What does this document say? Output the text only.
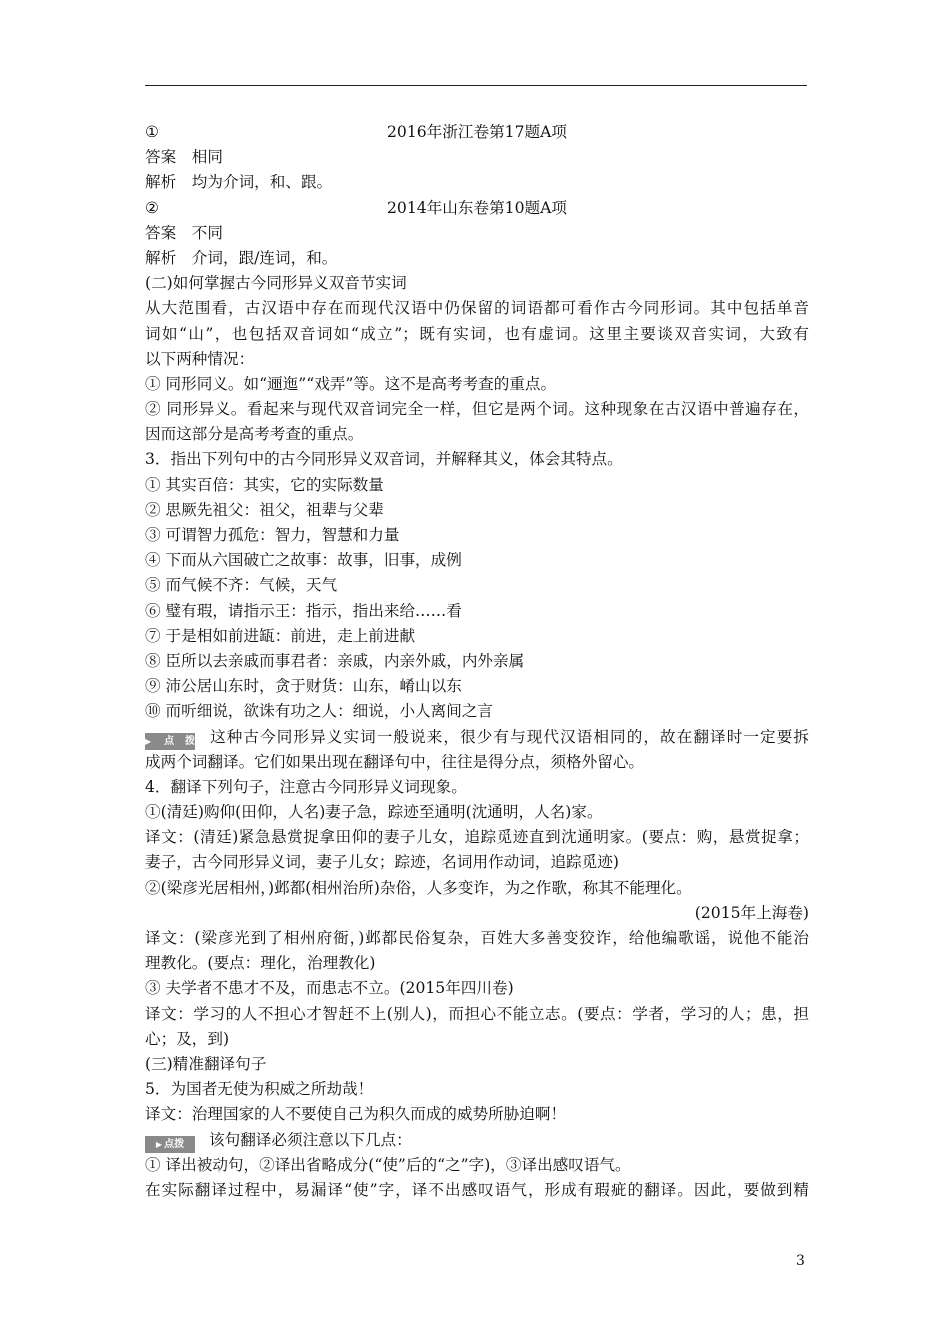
①	2016年浙江卷第17题A项
答案　相同
解析　均为介词，和、跟。
②	2014年山东卷第10题A项
答案　不同
解析　介词，跟/连词，和。
(二)如何掌握古今同形异义双音节实词
从大范围看，古汉语中存在而现代汉语中仍保留的词语都可看作古今同形词。其中包括单音
词如“山”，也包括双音词如“成立”；既有实词，也有虚词。这里主要谈双音实词，大致有
以下两种情况：
① 同形同义。如“逦迤”“戏弄”等。这不是高考考查的重点。
② 同形异义。看起来与现代双音词完全一样，但它是两个词。这种现象在古汉语中普遍存在，
因而这部分是高考考查的重点。
3．指出下列句中的古今同形异义双音词，并解释其义，体会其特点。
① 其实百倍：其实，它的实际数量
② 思厥先祖父：祖父，祖辈与父辈
③ 可谓智力孤危：智力，智慧和力量
④ 下而从六国破亡之故事：故事，旧事，成例
⑤ 而气候不齐：气候，天气
⑥ 璧有瑕，请指示王：指示，指出来给……看
⑦ 于是相如前进缻：前进，走上前进献
⑧ 臣所以去亲戚而事君者：亲戚，内亲外戚，内外亲属
⑨ 沛公居山东时，贪于财货：山东，崤山以东
⑩ 而听细说，欲诛有功之人：细说，小人离间之言
▶ 点拨 这种古今同形异义实词一般说来，很少有与现代汉语相同的，故在翻译时一定要拆
成两个词翻译。它们如果出现在翻译句中，往往是得分点，须格外留心。
4．翻译下列句子，注意古今同形异义词现象。
①(清廷)购仰(田仰，人名)妻子急，踪迹至通明(沈通明，人名)家。
译文：(清廷)紧急悬赏捉拿田仰的妻子儿女，追踪觅迹直到沈通明家。(要点：购，悬赏捉拿；
妻子，古今同形异义词，妻子儿女；踪迹，名词用作动词，追踪觅迹)
②(梁彦光居相州，)邺都(相州治所)杂俗，人多变诈，为之作歌，称其不能理化。
(2015年上海卷)
译文：(梁彦光到了相州府衙，)邺都民俗复杂，百姓大多善变狡诈，给他编歌谣，说他不能治
理教化。(要点：理化，治理教化)
③ 夫学者不患才不及，而患志不立。(2015年四川卷)
译文：学习的人不担心才智赶不上(别人)，而担心不能立志。(要点：学者，学习的人；患，担
心；及，到)
(三)精准翻译句子
5．为国者无使为积威之所劫哉！
译文：治理国家的人不要使自己为积久而成的威势所胁迫啊！
▶ 点拨 该句翻译必须注意以下几点：
① 译出被动句，②译出省略成分(“使”后的“之”字)，③译出感叹语气。
在实际翻译过程中，易漏译“使”字，译不出感叹语气，形成有瑕疵的翻译。因此，要做到精
3
